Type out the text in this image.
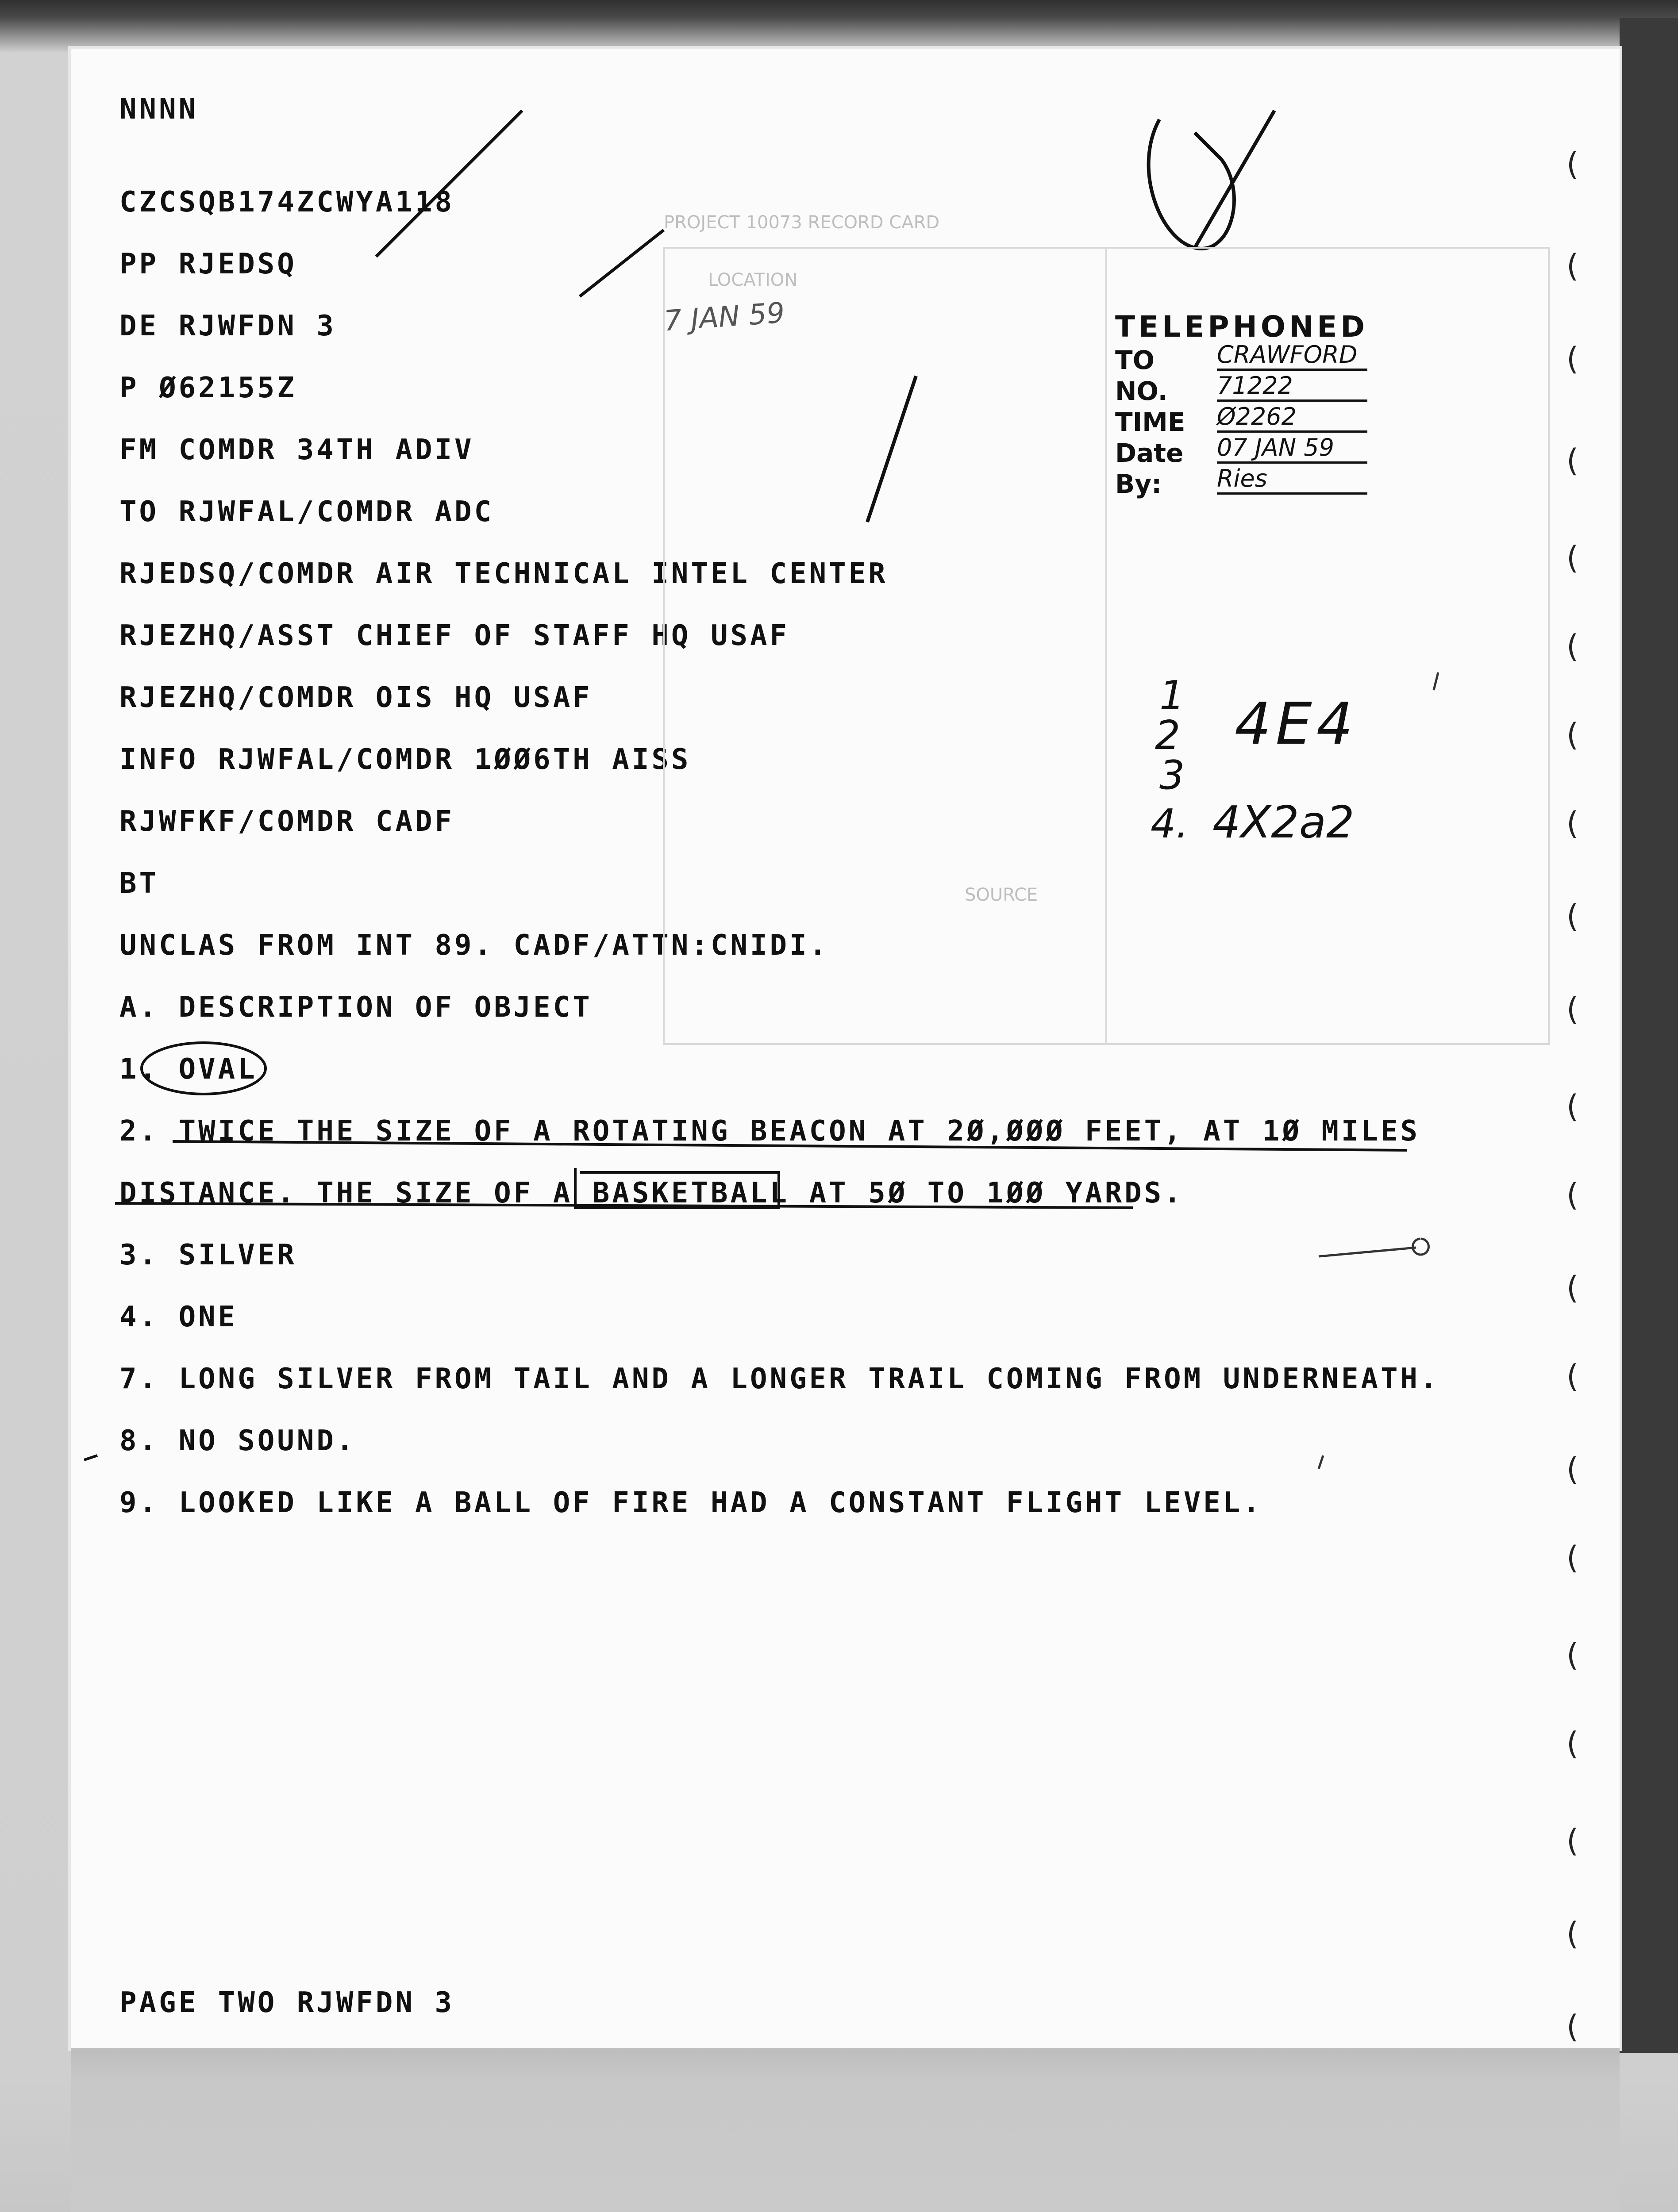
PROJECT 10073 RECORD CARD
LOCATION
SOURCE
NNNN
CZCSQB174ZCWYA118
PP RJEDSQ
DE RJWFDN 3
P Ø62155Z
FM COMDR 34TH ADIV
TO RJWFAL/COMDR ADC
RJEDSQ/COMDR AIR TECHNICAL INTEL CENTER
RJEZHQ/ASST CHIEF OF STAFF HQ USAF
RJEZHQ/COMDR OIS HQ USAF
INFO RJWFAL/COMDR 1ØØ6TH AISS
RJWFKF/COMDR CADF
BT
UNCLAS FROM INT 89. CADF/ATTN:CNIDI.
A. DESCRIPTION OF OBJECT
1. OVAL
2. TWICE THE SIZE OF A ROTATING BEACON AT 2Ø,ØØØ FEET, AT 1Ø MILES
DISTANCE. THE SIZE OF A BASKETBALL AT 5Ø TO 1ØØ YARDS.
3. SILVER
4. ONE
7. LONG SILVER FROM TAIL AND A LONGER TRAIL COMING FROM UNDERNEATH.
8. NO SOUND.
9. LOOKED LIKE A BALL OF FIRE HAD A CONSTANT FLIGHT LEVEL.
PAGE TWO RJWFDN 3
TELEPHONED
TO	CRAWFORD
NO. 71222
TIME Ø2262
Date 07 JAN 59
By: Ries
7 JAN 59
1
2
3
4.
4E4
4X2a2
(
(
(
(
(
(
(
(
(
(
(
(
(
(
(
(
(
(
(
(
(
